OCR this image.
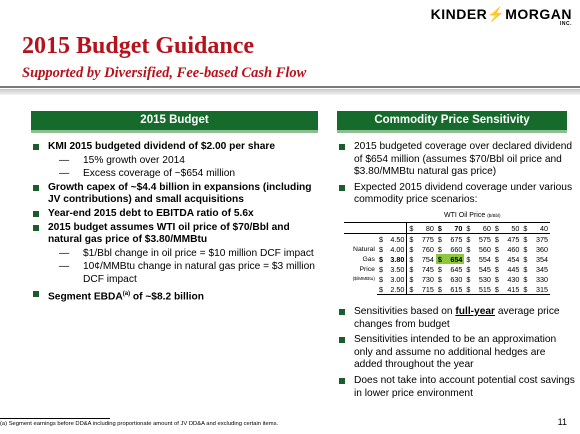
KINDER⚡MORGAN
INC.
2015 Budget Guidance
Supported by Diversified, Fee-based Cash Flow
2015 Budget	Commodity Price Sensitivity
KMI 2015 budgeted dividend of $2.00 per share
— 15% growth over 2014
— Excess coverage of ~$654 million
Growth capex of ~$4.4 billion in expansions (including JV contributions) and small acquisitions
Year-end 2015 debt to EBITDA ratio of 5.6x
2015 budget assumes WTI oil price of $70/Bbl and natural gas price of $3.80/MMBtu
— $1/Bbl change in oil price = $10 million DCF impact
— 10¢/MMBtu change in natural gas price = $3 million DCF impact
Segment EBDA$^{(a)}$ of ~$8.2 billion
2015 budgeted coverage over declared dividend of $654 million (assumes $70/Bbl oil price and $3.80/MMBtu natural gas price)
Expected 2015 dividend coverage under various commodity price scenarios:
WTI Oil Price ($/Bbl)
			$	80	$	70	$	60	$	50	$	40
	$	4.50	$	775	$	675	$	575	$	475	$	375
Natural	$	4.00	$	760	$	660	$	560	$	460	$	360
Gas	$	3.80	$	754	$	654	$	554	$	454	$	354
Price	$	3.50	$	745	$	645	$	545	$	445	$	345
($/MMBtu)	$	3.00	$	730	$	630	$	530	$	430	$	330
	$	2.50	$	715	$	615	$	515	$	415	$	315
Sensitivities based on full-year average price changes from budget
Sensitivities intended to be an approximation only and assume no additional hedges are added throughout the year
Does not take into account potential cost savings in lower price environment
(a) Segment earnings before DD&A including proportionate amount of JV DD&A and excluding certain items.	11
